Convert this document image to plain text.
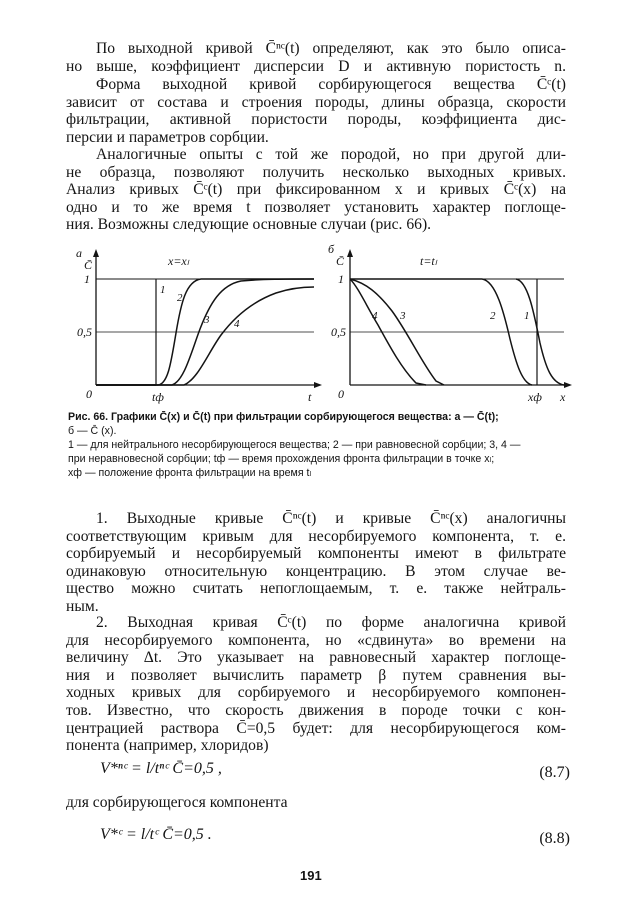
По выходной кривой C̄ⁿᶜ(t) определяют, как это было описа-
но выше, коэффициент дисперсии D и активную пористость n.

Форма выходной кривой сорбирующегося вещества C̄ᶜ(t)
зависит от состава и строения породы, длины образца, скорости
фильтрации, активной пористости породы, коэффициента дис-
персии и параметров сорбции.

Аналогичные опыты с той же породой, но при другой дли-
не образца, позволяют получить несколько выходных кривых.
Анализ кривых C̄ᶜ(t) при фиксированном x и кривых C̄ᶜ(x) на
одно и то же время t позволяет установить характер поглоще-
ния. Возможны следующие основные случаи (рис. 66).

а
C̄	x=xₗ
1
0,5
0	t
tф
1
2
3 4
б
C̄	t=tₗ
1
0,5
0	x
xф
4 3	2	1
Рис. 66. Графики C̄(x) и C̄(t) при фильтрации сорбирующегося вещества: а — C̄(t);
б — C̄ (x).
1 — для нейтрального несорбирующегося вещества; 2 — при равновесной сорбции; 3, 4 —
при неравновесной сорбции; tф — время прохождения фронта фильтрации в точке xₗ;
xф — положение фронта фильтрации на время tₗ

1. Выходные кривые C̄ⁿᶜ(t) и кривые C̄ⁿᶜ(x) аналогичны
соответствующим кривым для несорбируемого компонента, т. е.
сорбируемый и несорбируемый компоненты имеют в фильтрате
одинаковую относительную концентрацию. В этом случае ве-
щество можно считать непоглощаемым, т. е. также нейтраль-
ным.

2. Выходная кривая C̄ᶜ(t) по форме аналогична кривой
для несорбируемого компонента, но «сдвинута» во времени на
величину Δt. Это указывает на равновесный характер поглоще-
ния и позволяет вычислить параметр β путем сравнения вы-
ходных кривых для сорбируемого и несорбируемого компонен-
тов. Известно, что скорость движения в породе точки с кон-
центрацией раствора C̄=0,5 будет: для несорбирующегося ком-
понента (например, хлоридов)

V*ⁿᶜ = l/tⁿᶜ C̄=0,5 ,	(8.7)

для сорбирующегося компонента

V*ᶜ = l/tᶜ C̄=0,5 .	(8.8)
191
